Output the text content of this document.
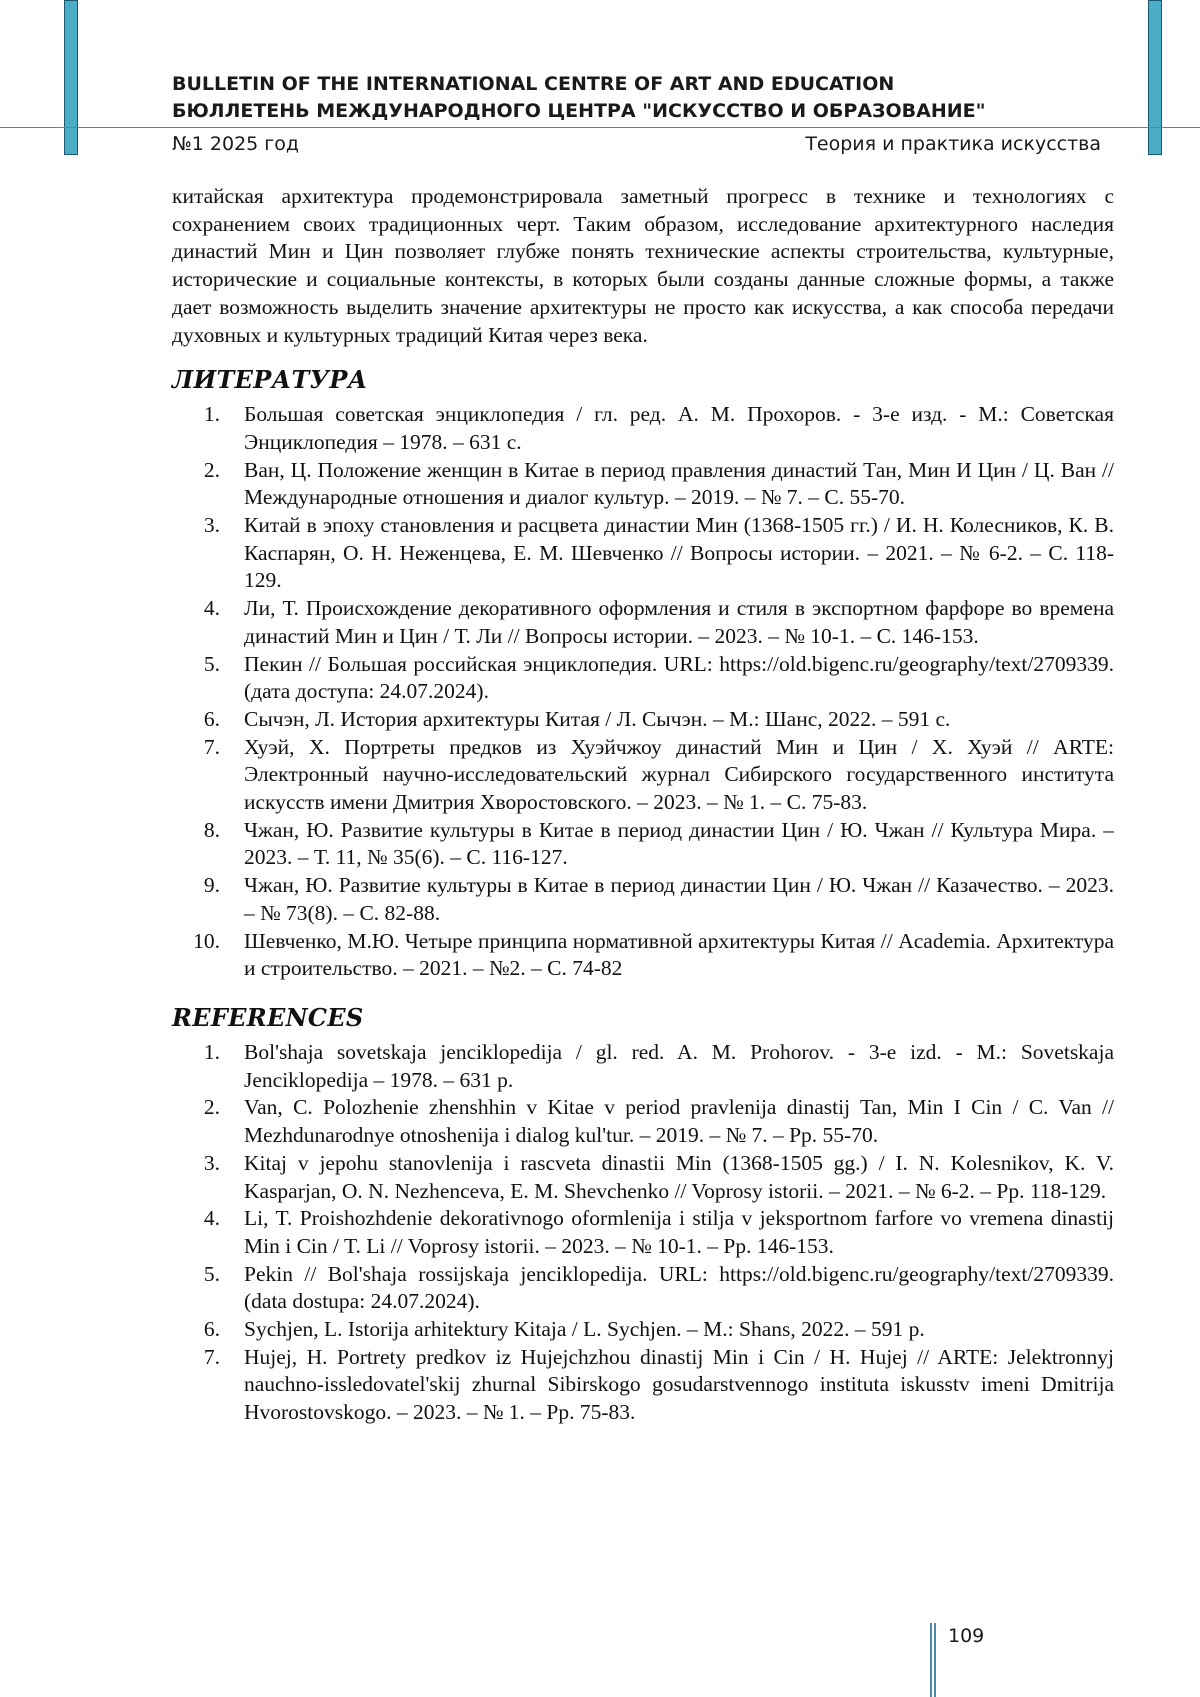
BULLETIN OF THE INTERNATIONAL CENTRE OF ART AND EDUCATION
БЮЛЛЕТЕНЬ МЕЖДУНАРОДНОГО ЦЕНТРА "ИСКУССТВО И ОБРАЗОВАНИЕ"
№1 2025 год	Теория и практика искусства

китайская архитектура продемонстрировала заметный прогресс в технике и технологиях с сохранением своих традиционных черт. Таким образом, исследование архитектурного наследия династий Мин и Цин позволяет глубже понять технические аспекты строительства, культурные, исторические и социальные контексты, в которых были созданы данные сложные формы, а также дает возможность выделить значение архитектуры не просто как искусства, а как способа передачи духовных и культурных традиций Китая через века.

ЛИТЕРАТУРА
1. Большая советская энциклопедия / гл. ред. А. М. Прохоров. - 3-е изд. - М.: Советская Энциклопедия – 1978. – 631 с.
2. Ван, Ц. Положение женщин в Китае в период правления династий Тан, Мин И Цин / Ц. Ван // Международные отношения и диалог культур. – 2019. – № 7. – С. 55-70.
3. Китай в эпоху становления и расцвета династии Мин (1368-1505 гг.) / И. Н. Колесников, К. В. Каспарян, О. Н. Неженцева, Е. М. Шевченко // Вопросы истории. – 2021. – № 6-2. – С. 118-129.
4. Ли, Т. Происхождение декоративного оформления и стиля в экспортном фарфоре во времена династий Мин и Цин / Т. Ли // Вопросы истории. – 2023. – № 10-1. – С. 146-153.
5. Пекин // Большая российская энциклопедия. URL: https://old.bigenc.ru/geography/text/2709339. (дата доступа: 24.07.2024).
6. Сычэн, Л. История архитектуры Китая / Л. Сычэн. – М.: Шанс, 2022. – 591 с.
7. Хуэй, Х. Портреты предков из Хуэйчжоу династий Мин и Цин / Х. Хуэй // ARTE: Электронный научно-исследовательский журнал Сибирского государственного института искусств имени Дмитрия Хворостовского. – 2023. – № 1. – С. 75-83.
8. Чжан, Ю. Развитие культуры в Китае в период династии Цин / Ю. Чжан // Культура Мира. – 2023. – Т. 11, № 35(6). – С. 116-127.
9. Чжан, Ю. Развитие культуры в Китае в период династии Цин / Ю. Чжан // Казачество. – 2023. – № 73(8). – С. 82-88.
10. Шевченко, М.Ю. Четыре принципа нормативной архитектуры Китая // Academia. Архитектура и строительство. – 2021. – №2. – С. 74-82
REFERENCES
1. Bol'shaja sovetskaja jenciklopedija / gl. red. A. M. Prohorov. - 3-e izd. - M.: Sovetskaja Jenciklopedija – 1978. – 631 p.
2. Van, C. Polozhenie zhenshhin v Kitae v period pravlenija dinastij Tan, Min I Cin / C. Van // Mezhdunarodnye otnoshenija i dialog kul'tur. – 2019. – № 7. – Pp. 55-70.
3. Kitaj v jepohu stanovlenija i rascveta dinastii Min (1368-1505 gg.) / I. N. Kolesnikov, K. V. Kasparjan, O. N. Nezhenceva, E. M. Shevchenko // Voprosy istorii. – 2021. – № 6-2. – Pp. 118-129.
4. Li, T. Proishozhdenie dekorativnogo oformlenija i stilja v jeksportnom farfore vo vremena dinastij Min i Cin / T. Li // Voprosy istorii. – 2023. – № 10-1. – Pp. 146-153.
5. Pekin // Bol'shaja rossijskaja jenciklopedija. URL: https://old.bigenc.ru/geography/text/2709339. (data dostupa: 24.07.2024).
6. Sychjen, L. Istorija arhitektury Kitaja / L. Sychjen. – M.: Shans, 2022. – 591 p.
7. Hujej, H. Portrety predkov iz Hujejchzhou dinastij Min i Cin / H. Hujej // ARTE: Jelektronnyj nauchno-issledovatel'skij zhurnal Sibirskogo gosudarstvennogo instituta iskusstv imeni Dmitrija Hvorostovskogo. – 2023. – № 1. – Pp. 75-83.
109
